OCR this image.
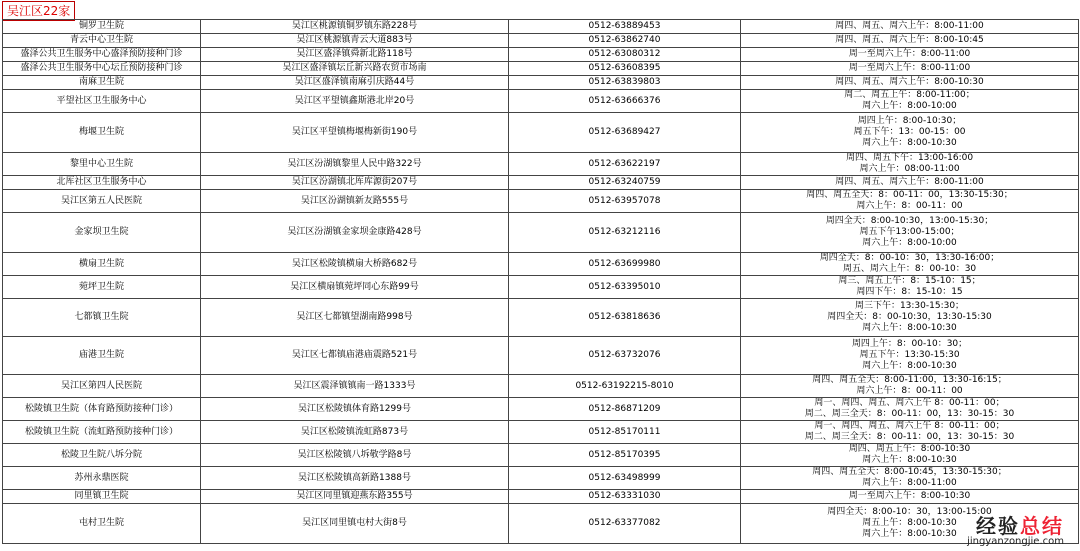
吴江区22家
铜罗卫生院	吴江区桃源镇铜罗镇东路228号	0512-63889453	周四、周五、周六上午：8:00-11:00

青云中心卫生院	吴江区桃源镇青云大道883号	0512-63862740	周四、周五、周六上午：8:00-10:45

盛泽公共卫生服务中心盛泽预防接种门诊	吴江区盛泽镇舜新北路118号	0512-63080312	周一至周六上午：8:00-11:00

盛泽公共卫生服务中心坛丘预防接种门诊	吴江区盛泽镇坛丘新兴路农贸市场南	0512-63608395	周一至周六上午：8:00-11:00

南麻卫生院	吴江区盛泽镇南麻引庆路44号	0512-63839803	周四、周五、周六上午：8:00-10:30

平望社区卫生服务中心	吴江区平望镇鑫斯港北岸20号	0512-63666376	周二、周五上午：8:00-11:00；
周六上午：8:00-10:00

梅堰卫生院	吴江区平望镇梅堰梅新街190号	0512-63689427	周四上午：8:00-10:30；
周五下午：13：00-15：00
周六上午：8:00-10:30

黎里中心卫生院	吴江区汾湖镇黎里人民中路322号	0512-63622197	周四、周五下午：13:00-16:00
周六上午：08:00-11:00

北厍社区卫生服务中心	吴江区汾湖镇北厍库源街207号	0512-63240759	周四、周五、周六上午：8:00-11:00

吴江区第五人民医院	吴江区汾湖镇新友路555号	0512-63957078	周四、周五全天：8：00-11：00，13:30-15:30；
周六上午：8：00-11：00

金家坝卫生院	吴江区汾湖镇金家坝金康路428号	0512-63212116	周四全天：8:00-10:30，13:00-15:30；
周五下午13:00-15:00；
周六上午：8:00-10:00

横扇卫生院	吴江区松陵镇横扇大桥路682号	0512-63699980	周四全天：8：00-10：30，13:30-16:00；
周五、周六上午：8：00-10：30

菀坪卫生院	吴江区横扇镇菀坪同心东路99号	0512-63395010	周三、周五上午：8：15-10：15；
周四下午：8：15-10：15

七都镇卫生院	吴江区七都镇望湖南路998号	0512-63818636	周三下午：13:30-15:30；
周四全天：8：00-10:30，13:30-15:30
周六上午：8:00-10:30

庙港卫生院	吴江区七都镇庙港庙震路521号	0512-63732076	周四上午：8：00-10：30；
周五下午：13:30-15:30
周六上午：8:00-10:30

吴江区第四人民医院	吴江区震泽镇镇南一路1333号	0512-63192215-8010	周四、周五全天：8:00-11:00，13:30-16:15；
周六上午：8：00-11：00

松陵镇卫生院（体育路预防接种门诊）	吴江区松陵镇体育路1299号	0512-86871209	周一、周四、周五、周六上午 8：00-11：00；
周二、周三全天：8：00-11：00，13：30-15：30

松陵镇卫生院（流虹路预防接种门诊）	吴江区松陵镇流虹路873号	0512-85170111	周一、周四、周五、周六上午 8：00-11：00；
周二、周三全天：8：00-11：00，13：30-15：30

松陵卫生院八坼分院	吴江区松陵镇八坼敬学路8号	0512-85170395	周四、周五上午：8:00-10:30
周六上午：8:00-10:30

苏州永鼎医院	吴江区松陵镇高新路1388号	0512-63498999	周四、周五全天：8:00-10:45，13:30-15:30；
周六上午：8:00-11:00

同里镇卫生院	吴江区同里镇迎燕东路355号	0512-63331030	周一至周六上午：8:00-10:30

屯村卫生院	吴江区同里镇屯村大街8号	0512-63377082	周四全天：8:00-10：30，13:00-15:00
周五上午：8:00-10:30
周六上午：8:00-10:30 经验总结
jingyanzongjie.com
